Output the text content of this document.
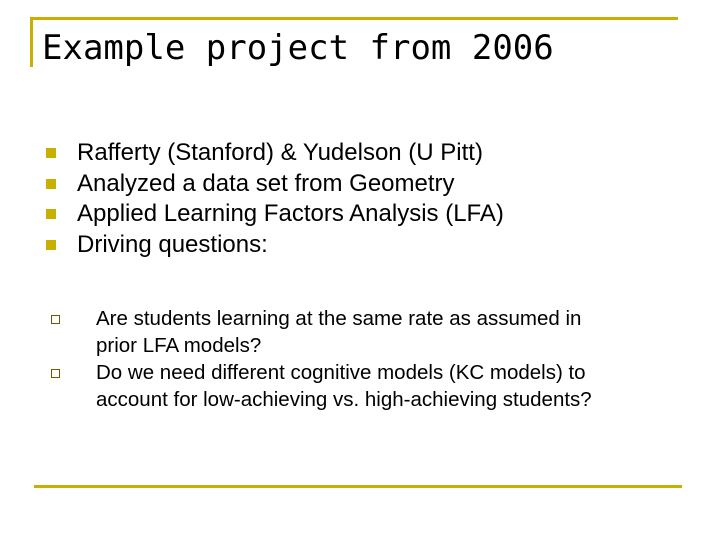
Example project from 2006
Rafferty (Stanford) & Yudelson (U Pitt)
Analyzed a data set from Geometry
Applied Learning Factors Analysis (LFA)
Driving questions:
Are students learning at the same rate as assumed in prior LFA models?
Do we need different cognitive models (KC models) to account for low-achieving vs. high-achieving students?
